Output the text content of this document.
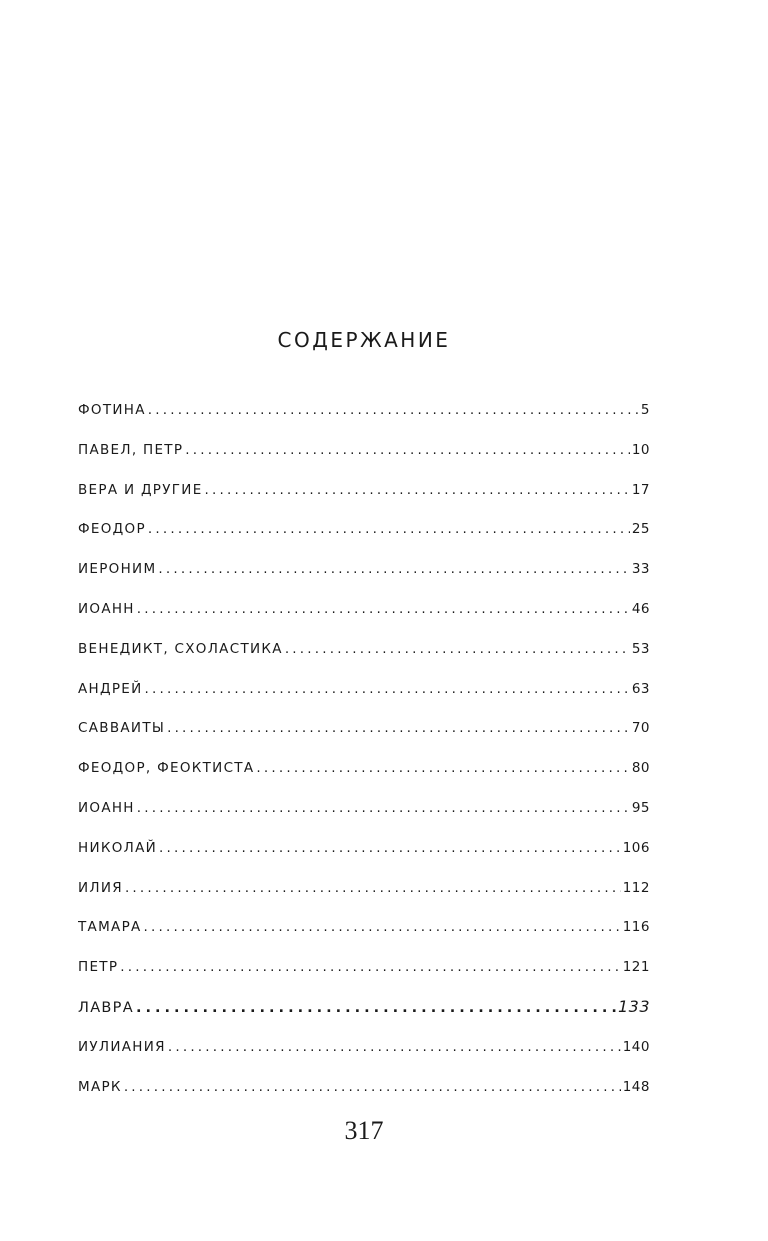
СОДЕРЖАНИЕ
ФОТИНА .....	5
ПАВЕЛ, ПЕТР .....	10
ВЕРА И ДРУГИЕ .....	17
ФЕОДОР .....	25
ИЕРОНИМ .....	33
ИОАНН .....	46
ВЕНЕДИКТ, СХОЛАСТИКА .....	53
АНДРЕЙ .....	63
САВВАИТЫ .....	70
ФЕОДОР, ФЕОКТИСТА .....	80
ИОАНН .....	95
НИКОЛАЙ .....	106
ИЛИЯ .....	112
ТАМАРА .....	116
ПЕТР .....	121
ЛАВРА .....	133
ИУЛИАНИЯ .....	140
МАРК .....	148

317
